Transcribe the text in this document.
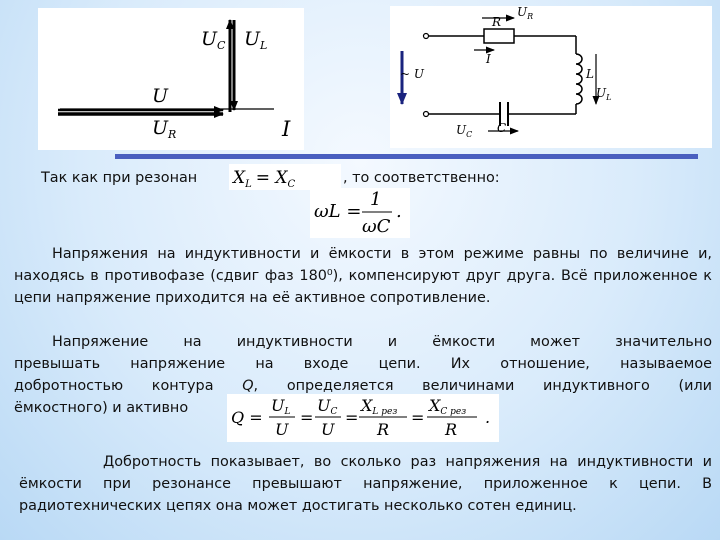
$U_C$ $U_L$
U
$U_R$	I
R
$U_R$
I
~ U	L
$U_L$
C
$U_C$
Так как при резонан $X_L = X_C$	, то соответственно:
ωL =
1
ωC
.
Напряжения на индуктивности и ёмкости в этом режиме равны по величине и, находясь в противофазе (сдвиг фаз 180⁰), компенсируют друг друга. Всё приложенное к цепи напряжение приходится на её активное сопротивление.
Напряжение на индуктивности и ёмкости может значительно
превышать напряжение на входе цепи. Их отношение, называемое
добротностью контура Q, определяется величинами индуктивного (или
ёмкостного) и активно	Q =
UL
U
=
UC
U
=
XL рез
R
=
XC рез
R
.
Добротность показывает, во сколько раз напряжения на индуктивности и ёмкости при резонансе превышают напряжение, приложенное к цепи. В радиотехнических цепях она может достигать несколько сотен единиц.
